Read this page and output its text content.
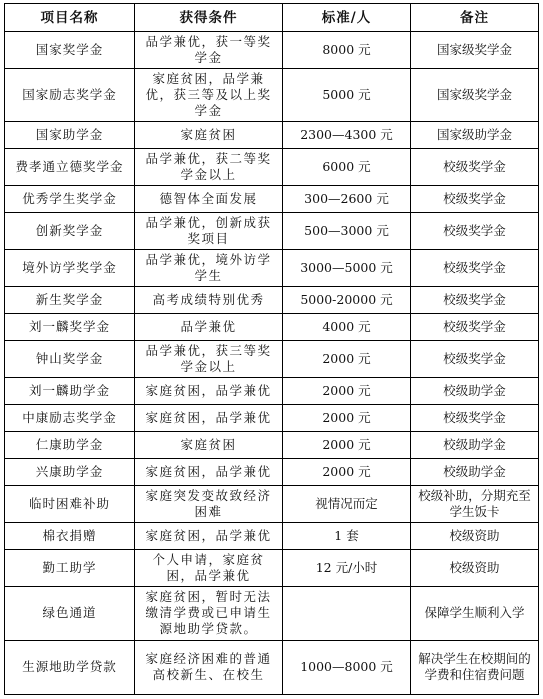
项目名称	获得条件	标准/人	备注
国家奖学金	品学兼优，获一等奖学金	8000 元	国家级奖学金
国家励志奖学金	家庭贫困，品学兼优，获三等及以上奖学金	5000 元	国家级奖学金
国家助学金	家庭贫困	2300—4300 元	国家级助学金
费孝通立德奖学金	品学兼优，获二等奖学金以上	6000 元	校级奖学金
优秀学生奖学金	德智体全面发展	300—2600 元	校级奖学金
创新奖学金	品学兼优，创新成获奖项目	500—3000 元	校级奖学金
境外访学奖学金	品学兼优，境外访学学生	3000—5000 元	校级奖学金
新生奖学金	高考成绩特别优秀	5000-20000 元	校级奖学金
刘一麟奖学金	品学兼优	4000 元	校级奖学金
钟山奖学金	品学兼优，获三等奖学金以上	2000 元	校级奖学金
刘一麟助学金	家庭贫困，品学兼优	2000 元	校级助学金
中康励志奖学金	家庭贫困，品学兼优	2000 元	校级奖学金
仁康助学金	家庭贫困	2000 元	校级助学金
兴康助学金	家庭贫困，品学兼优	2000 元	校级助学金
临时困难补助	家庭突发变故致经济困难	视情况而定	校级补助，分期充至学生饭卡
棉衣捐赠	家庭贫困，品学兼优	1 套	校级资助
勤工助学	个人申请，家庭贫困，品学兼优	12 元/小时	校级资助
绿色通道	家庭贫困，暂时无法缴清学费或已申请生源地助学贷款。		保障学生顺利入学
生源地助学贷款	家庭经济困难的普通高校新生、在校生	1000—8000 元	解决学生在校期间的学费和住宿费问题
